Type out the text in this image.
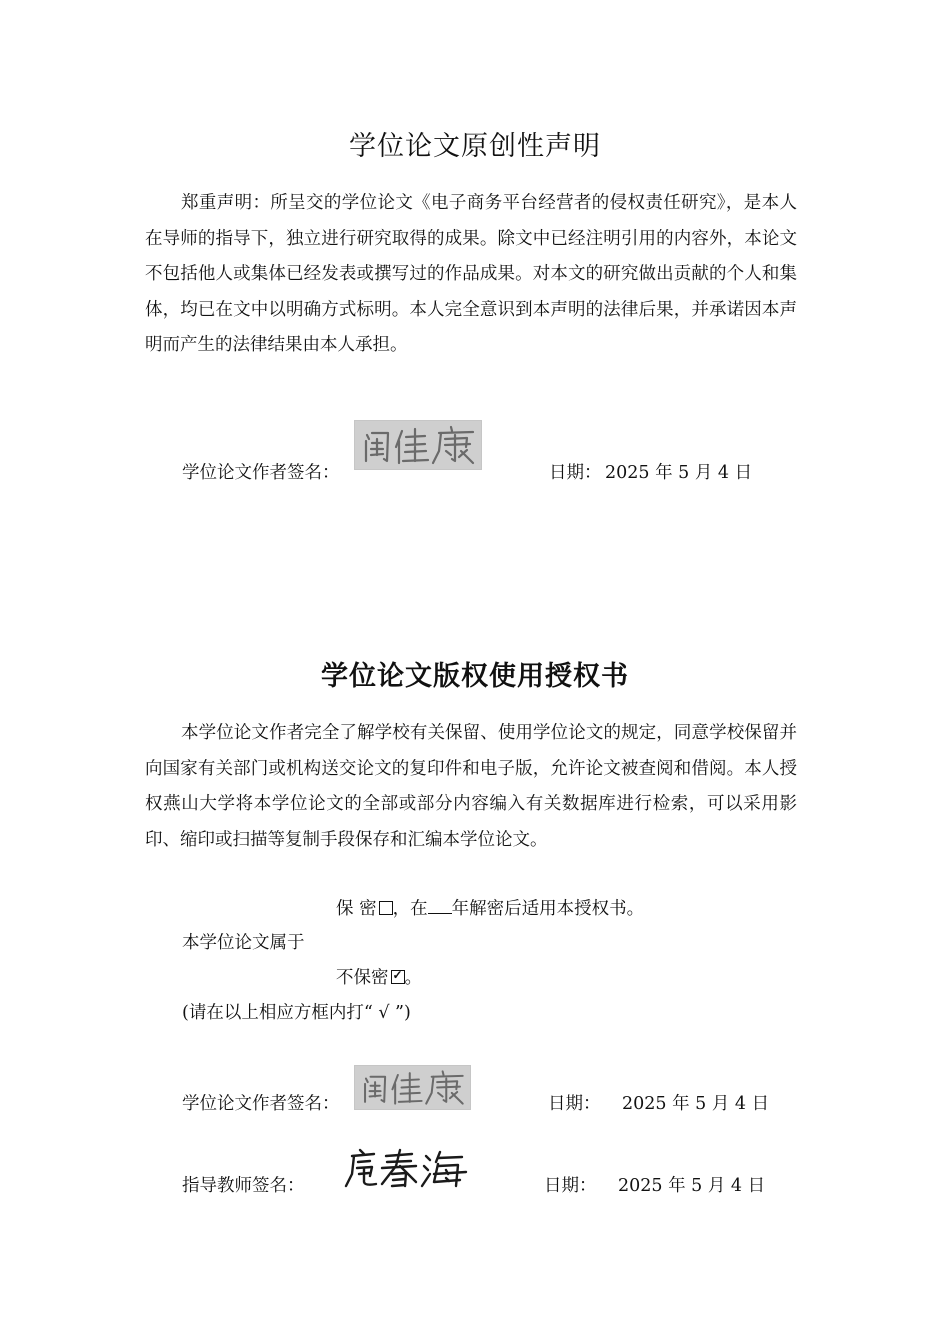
学位论文原创性声明
郑重声明：所呈交的学位论文《电子商务平台经营者的侵权责任研究》，是本人在导师的指导下，独立进行研究取得的成果。除文中已经注明引用的内容外，本论文不包括他人或集体已经发表或撰写过的作品成果。对本文的研究做出贡献的个人和集体，均已在文中以明确方式标明。本人完全意识到本声明的法律后果，并承诺因本声明而产生的法律结果由本人承担。
学位论文作者签名：	日期： 2025 年 5 月 4 日
学位论文版权使用授权书
本学位论文作者完全了解学校有关保留、使用学位论文的规定，同意学校保留并向国家有关部门或机构送交论文的复印件和电子版，允许论文被查阅和借阅。本人授权燕山大学将本学位论文的全部或部分内容编入有关数据库进行检索，可以采用影印、缩印或扫描等复制手段保存和汇编本学位论文。
保 密 ，在 年解密后适用本授权书。
本学位论文属于
不保密 ✓ 。
(请在以上相应方框内打“ √ ”)
学位论文作者签名：	日期： 2025 年 5 月 4 日
指导教师签名：	日期： 2025 年 5 月 4 日
